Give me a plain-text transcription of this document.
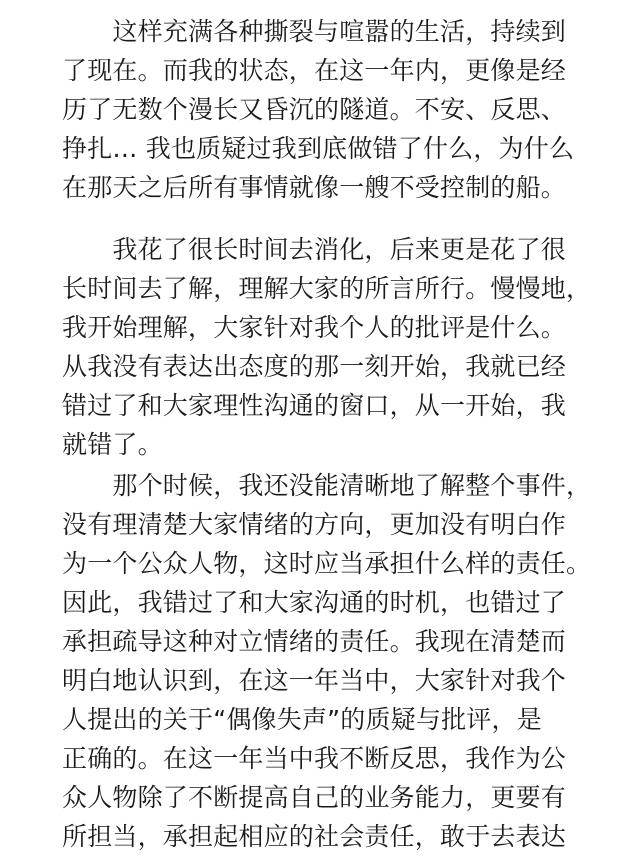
　　这样充满各种撕裂与喧嚣的生活，持续到
了现在。而我的状态，在这一年内，更像是经
历了无数个漫长又昏沉的隧道。不安、反思、
挣扎… 我也质疑过我到底做错了什么，为什么
在那天之后所有事情就像一艘不受控制的船。
　　我花了很长时间去消化，后来更是花了很
长时间去了解，理解大家的所言所行。慢慢地，
我开始理解，大家针对我个人的批评是什么。
从我没有表达出态度的那一刻开始，我就已经
错过了和大家理性沟通的窗口，从一开始，我
就错了。
　　那个时候，我还没能清晰地了解整个事件，
没有理清楚大家情绪的方向，更加没有明白作
为一个公众人物，这时应当承担什么样的责任。
因此，我错过了和大家沟通的时机，也错过了
承担疏导这种对立情绪的责任。我现在清楚而
明白地认识到，在这一年当中，大家针对我个
人提出的关于“偶像失声”的质疑与批评，是
正确的。在这一年当中我不断反思，我作为公
众人物除了不断提高自己的业务能力，更要有
所担当，承担起相应的社会责任，敢于去表达
